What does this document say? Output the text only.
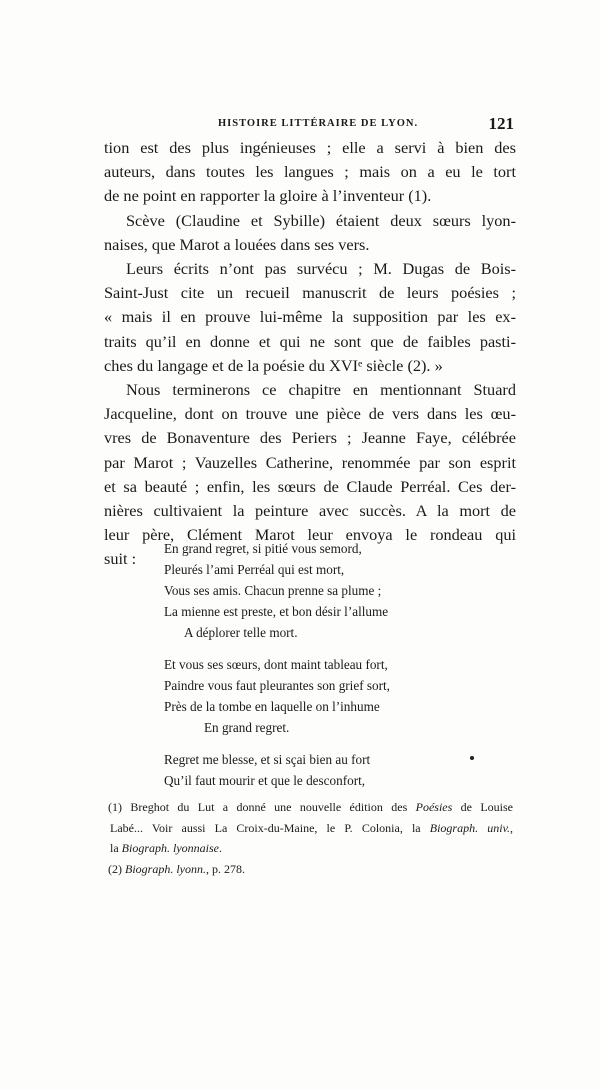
HISTOIRE LITTÉRAIRE DE LYON.	121

tion est des plus ingénieuses ; elle a servi à bien des
auteurs, dans toutes les langues ; mais on a eu le tort
de ne point en rapporter la gloire à l’inventeur (1).

Scève (Claudine et Sybille) étaient deux sœurs lyon-
naises, que Marot a louées dans ses vers.

Leurs écrits n’ont pas survécu ; M. Dugas de Bois-
Saint-Just cite un recueil manuscrit de leurs poésies ;
« mais il en prouve lui-même la supposition par les ex-
traits qu’il en donne et qui ne sont que de faibles pasti-
ches du langage et de la poésie du XVIᵉ siècle (2). »

Nous terminerons ce chapitre en mentionnant Stuard
Jacqueline, dont on trouve une pièce de vers dans les œu-
vres de Bonaventure des Periers ; Jeanne Faye, célébrée
par Marot ; Vauzelles Catherine, renommée par son esprit
et sa beauté ; enfin, les sœurs de Claude Perréal. Ces der-
nières cultivaient la peinture avec succès. A la mort de
leur père, Clément Marot leur envoya le rondeau qui
suit :

En grand regret, si pitié vous semord,
Pleurés l’ami Perréal qui est mort,
Vous ses amis. Chacun prenne sa plume ;
La mienne est preste, et bon désir l’allume
A déplorer telle mort.
Et vous ses sœurs, dont maint tableau fort,
Paindre vous faut pleurantes son grief sort,
Près de la tombe en laquelle on l’inhume
En grand regret.
Regret me blesse, et si sçai bien au fort
Qu’il faut mourir et que le desconfort,

(1) Breghot du Lut a donné une nouvelle édition des Poésies de Louise
Labé... Voir aussi La Croix-du-Maine, le P. Colonia, la Biograph. univ.,
la Biograph. lyonnaise.

(2) Biograph. lyonn., p. 278.
